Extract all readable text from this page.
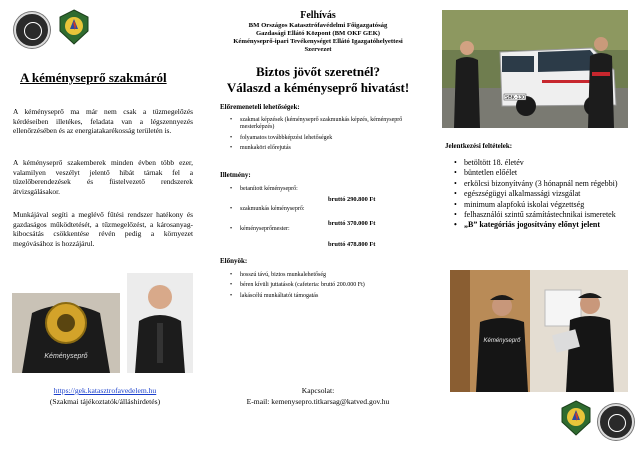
A kéményseprő szakmáról
A kéményseprő ma már nem csak a tüzmegelőzés kérdéseiben illetékes, feladata van a légszennyezés ellenőrzésében és az energiatakarékosság területén is.
A kéményseprő szakemberek minden évben több ezer, valamilyen veszélyt jelentő hibát tárnak fel a tüzelőberendezések és füstelvezető rendszerek átvizsgálásakor.
Munkájával segíti a meglévő fűtési rendszer hatékony és gazdaságos működtetését, a tűzmegelőzést, a károsanyag-kibocsátás csökkentése révén pedig a környezet megóvásához is hozzájárul.
Kéményseprő
https://gek.katasztrofavedelem.hu
(Szakmai tájékoztatók/álláshirdetés)
Felhívás
BM Országos Katasztrófavédelmi Főigazgatóság
Gazdasági Ellátó Központ (BM OKF GEK)
Kéményseprő-ipari Tevékenységet Ellátó Igazgatóhelyettesi
Szervezet
Biztos jövőt szeretnél?
Válaszd a kéményseprő hivatást!
Előremeneteli lehetőségek:
• szakmai képzések (kéményseprő szakmunkás képzés, kéményseprő mesterképzés)
• folyamatos továbbképzési lehetőségek
• munkaköri előrejutás
Illetmény:
• betanított kéményseprő:
• szakmunkás kéményseprő:
• kéményseprőmester:
bruttó 290.800 Ft
bruttó 370.000 Ft
bruttó 478.800 Ft
Előnyök:
• hosszú távú, biztos munkalehetőség
• béren kívüli juttatások (cafeteria: bruttó 200.000 Ft)
• lakáscélú munkáltatói támogatás
Kapcsolat:
E-mail: kemenysepro.titkarsag@katved.gov.hu
SBK-130
Jelentkezési feltételek:
• betöltött 18. életév
• büntetlen előélet
• erkölcsi bizonyítvány (3 hónapnál nem régebbi)
• egészségügyi alkalmassági vizsgálat
• minimum alapfokú iskolai végzettség
• felhasználói szintű számítástechnikai ismeretek
• „B” kategóriás jogosítvány előnyt jelent
Kéményseprő
